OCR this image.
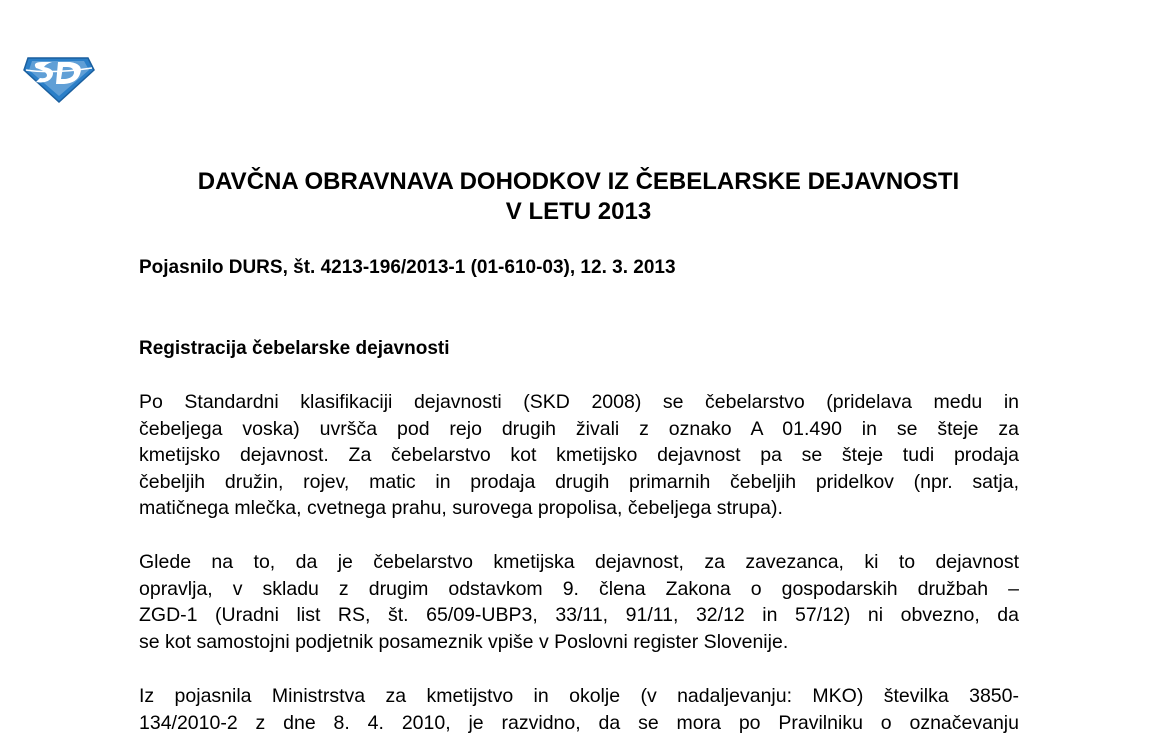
DAVČNA OBRAVNAVA DOHODKOV IZ ČEBELARSKE DEJAVNOSTI
V LETU 2013
Pojasnilo DURS, št. 4213-196/2013-1 (01-610-03), 12. 3. 2013
Registracija čebelarske dejavnosti
Po Standardni klasifikaciji dejavnosti (SKD 2008) se čebelarstvo (pridelava medu in
čebeljega voska) uvršča pod rejo drugih živali z oznako A 01.490 in se šteje za
kmetijsko dejavnost. Za čebelarstvo kot kmetijsko dejavnost pa se šteje tudi prodaja
čebeljih družin, rojev, matic in prodaja drugih primarnih čebeljih pridelkov (npr. satja,
matičnega mlečka, cvetnega prahu, surovega propolisa, čebeljega strupa).
Glede na to, da je čebelarstvo kmetijska dejavnost, za zavezanca, ki to dejavnost
opravlja, v skladu z drugim odstavkom 9. člena Zakona o gospodarskih družbah –
ZGD-1 (Uradni list RS, št. 65/09-UBP3, 33/11, 91/11, 32/12 in 57/12) ni obvezno, da
se kot samostojni podjetnik posameznik vpiše v Poslovni register Slovenije.
Iz pojasnila Ministrstva za kmetijstvo in okolje (v nadaljevanju: MKO) številka 3850-
134/2010-2 z dne 8. 4. 2010, je razvidno, da se mora po Pravilniku o označevanju
